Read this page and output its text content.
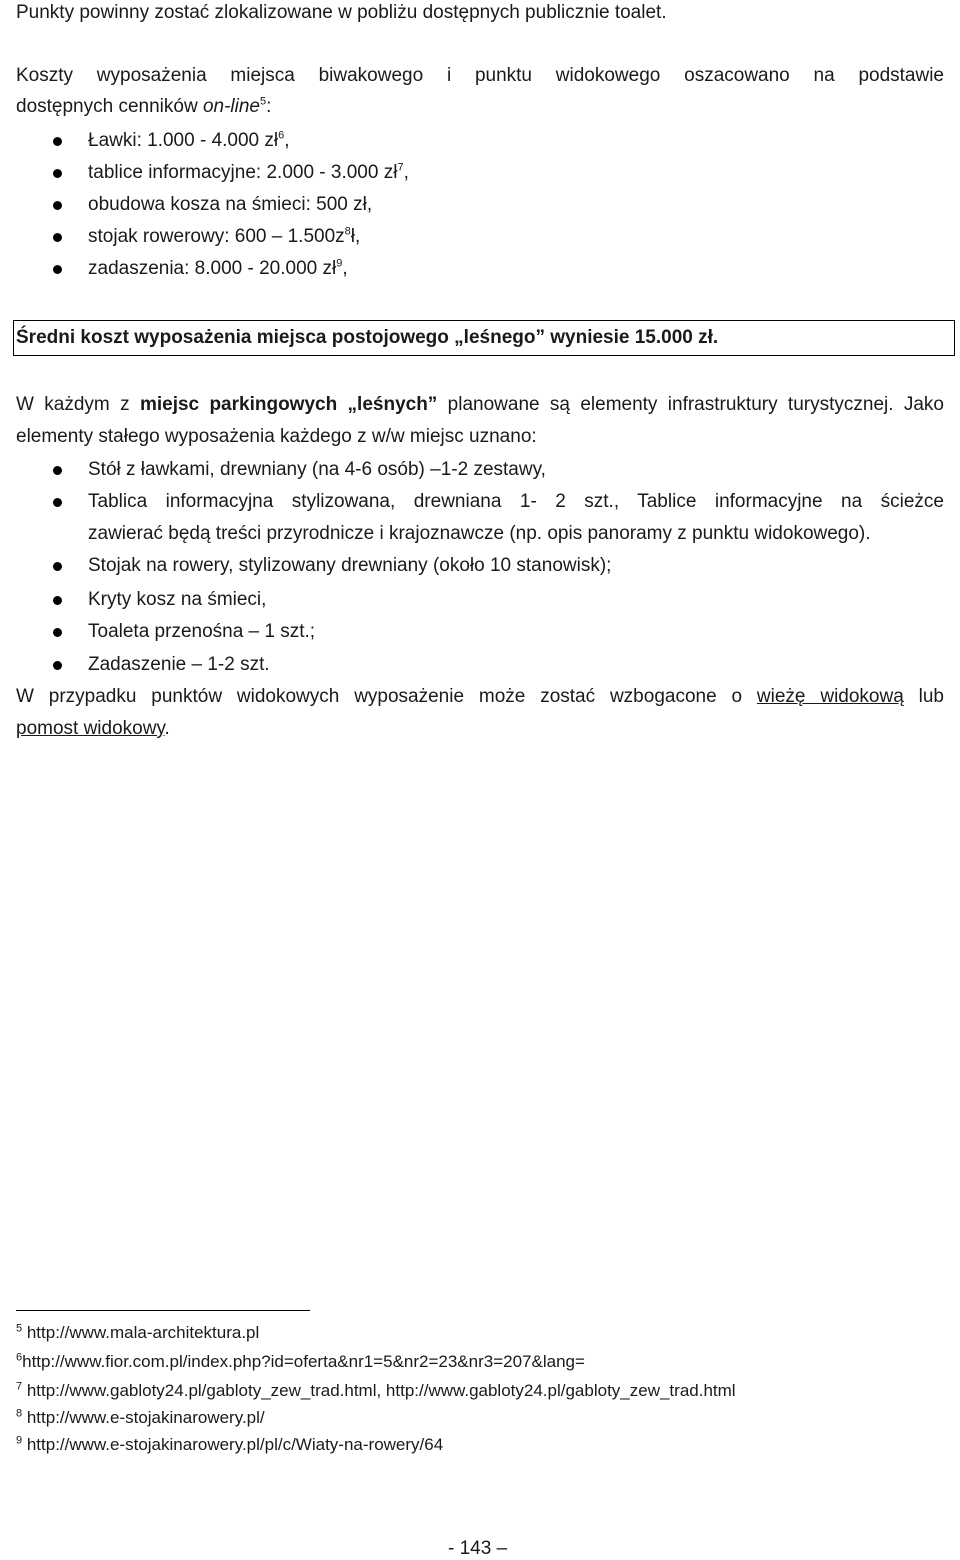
Punkty powinny zostać zlokalizowane w pobliżu dostępnych publicznie toalet.
Koszty wyposażenia miejsca biwakowego i punktu widokowego oszacowano na podstawie
dostępnych cenników on-line$^5$:
Ławki: 1.000 - 4.000 $zł^6$,
tablice informacyjne: 2.000 - 3.000 $zł^7$,
obudowa kosza na śmieci: 500 zł,
stojak rowerowy: $600 - 1.500z^8ł$,
zadaszenia: 8.000 - 20.000 $zł^9$,
Średni koszt wyposażenia miejsca postojowego „leśnego” wyniesie 15.000 zł.
W każdym z miejsc parkingowych „leśnych” planowane są elementy infrastruktury turystycznej. Jako
elementy stałego wyposażenia każdego z w/w miejsc uznano:
Stół z ławkami, drewniany (na 4-6 osób) –1-2 zestawy,
Tablica informacyjna stylizowana, drewniana 1- 2 szt., Tablice informacyjne na ścieżce
zawierać będą treści przyrodnicze i krajoznawcze (np. opis panoramy z punktu widokowego).
Stojak na rowery, stylizowany drewniany (około 10 stanowisk);
Kryty kosz na śmieci,
Toaleta przenośna – 1 szt.;
Zadaszenie – 1-2 szt.
W przypadku punktów widokowych wyposażenie może zostać wzbogacone o wieżę widokową lub
pomost widokowy.
$^5$ http://www.mala-architektura.pl
$^6$http://www.fior.com.pl/index.php?id=oferta&nr1=5&nr2=23&nr3=207&lang=
$^7$ http://www.gabloty24.pl/gabloty_zew_trad.html, http://www.gabloty24.pl/gabloty_zew_trad.html
$^8$ http://www.e-stojakinarowery.pl/
$^9$ http://www.e-stojakinarowery.pl/pl/c/Wiaty-na-rowery/64
- 143 –
